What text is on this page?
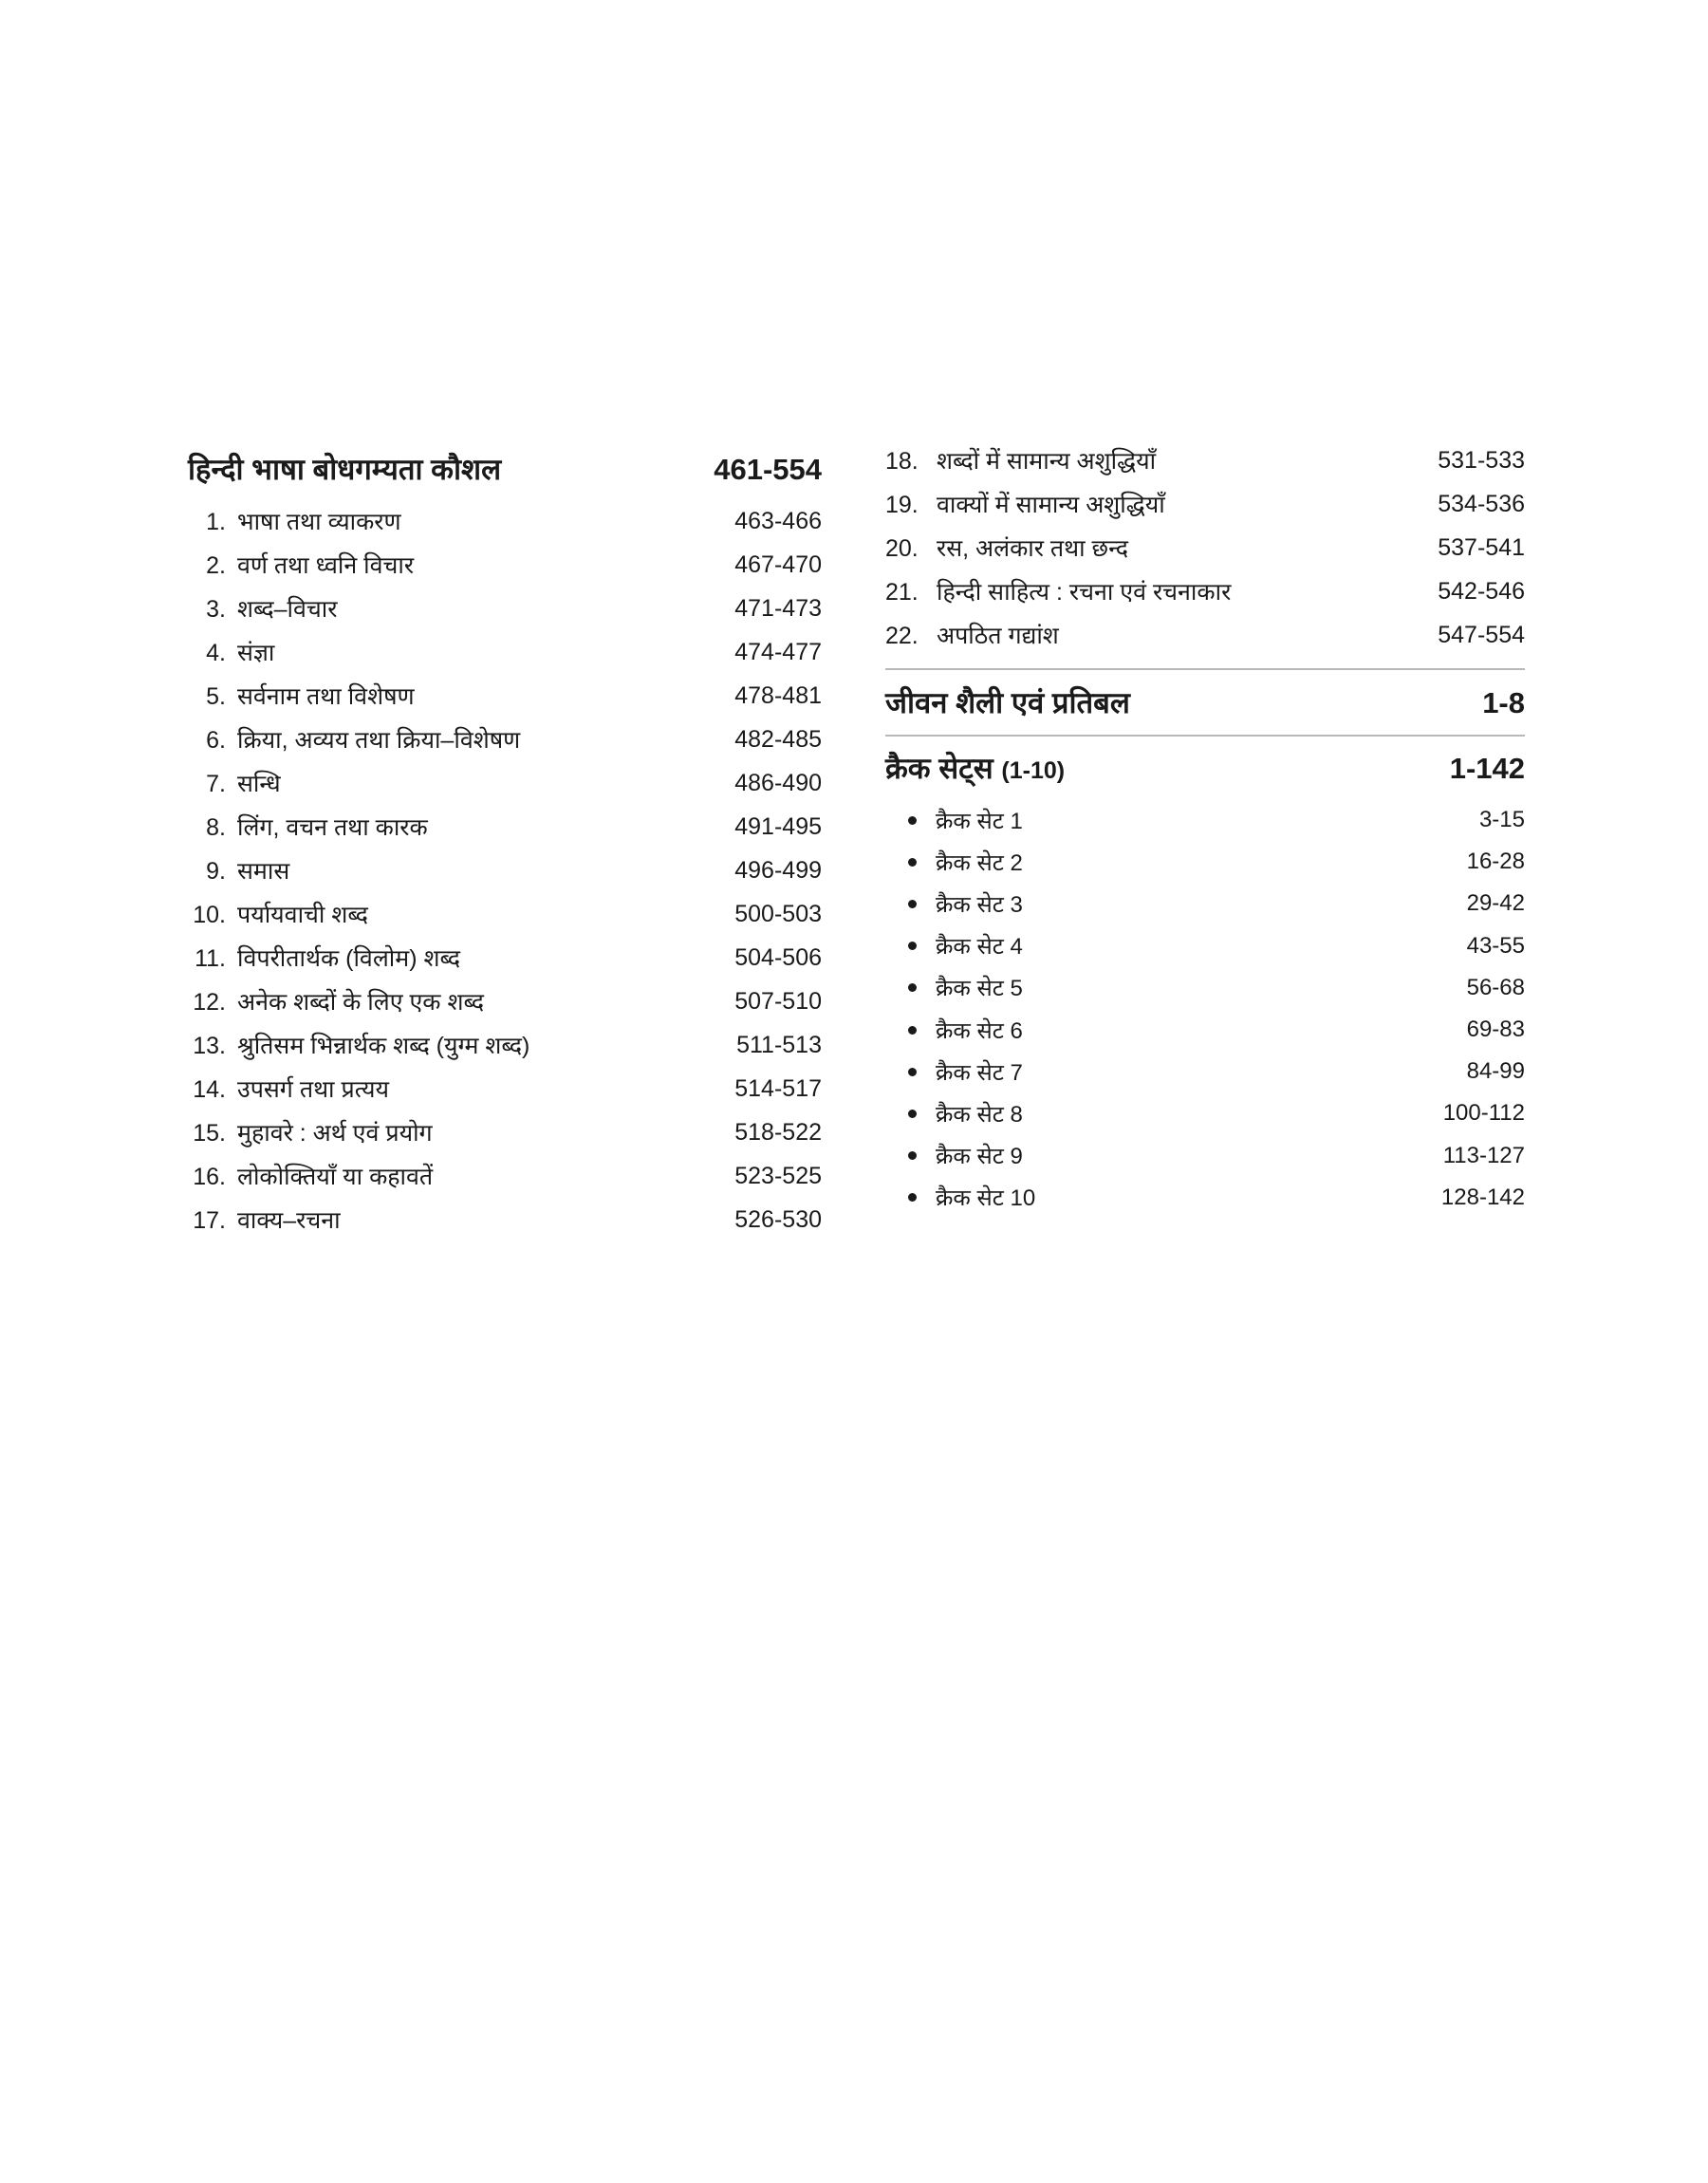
हिन्दी भाषा बोधगम्यता कौशल	461-554
1. भाषा तथा व्याकरण	463-466
2. वर्ण तथा ध्वनि विचार	467-470
3. शब्द–विचार	471-473
4. संज्ञा	474-477
5. सर्वनाम तथा विशेषण	478-481
6. क्रिया, अव्यय तथा क्रिया–विशेषण	482-485
7. सन्धि	486-490
8. लिंग, वचन तथा कारक	491-495
9. समास	496-499
10. पर्यायवाची शब्द	500-503
11. विपरीतार्थक (विलोम) शब्द	504-506
12. अनेक शब्दों के लिए एक शब्द	507-510
13. श्रुतिसम भिन्नार्थक शब्द (युग्म शब्द)	511-513
14. उपसर्ग तथा प्रत्यय	514-517
15. मुहावरे : अर्थ एवं प्रयोग	518-522
16. लोकोक्तियाँ या कहावतें	523-525
17. वाक्य–रचना	526-530
18. शब्दों में सामान्य अशुद्धियाँ	531-533
19. वाक्यों में सामान्य अशुद्धियाँ	534-536
20. रस, अलंकार तथा छन्द	537-541
21. हिन्दी साहित्य : रचना एवं रचनाकार	542-546
22. अपठित गद्यांश	547-554
जीवन शैली एवं प्रतिबल	1-8
क्रैक सेट्स (1-10)	1-142
क्रैक सेट 1	3-15
क्रैक सेट 2	16-28
क्रैक सेट 3	29-42
क्रैक सेट 4	43-55
क्रैक सेट 5	56-68
क्रैक सेट 6	69-83
क्रैक सेट 7	84-99
क्रैक सेट 8	100-112
क्रैक सेट 9	113-127
क्रैक सेट 10	128-142
